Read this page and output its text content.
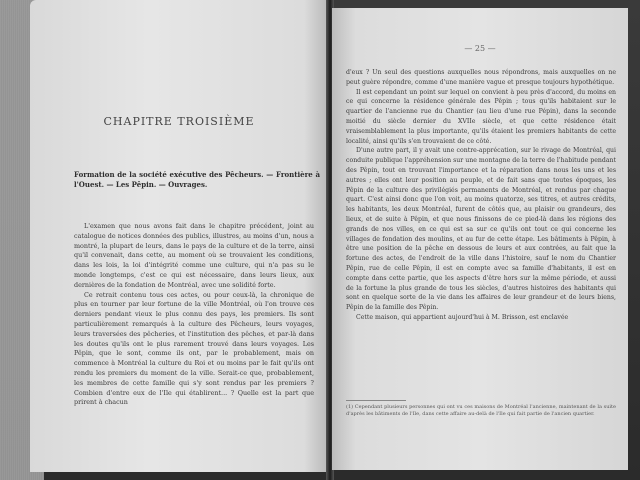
CHAPITRE TROISIÈME
Formation de la société exécutive des Pêcheurs. — Frontière à l'Ouest. — Les Pêpin. — Ouvrages.

L'examen que nous avons fait dans le chapitre précédent, joint au catalogue de notices données des publics, illustres, au moins d'un, nous a montré, la plupart de leurs, dans le pays de la culture et de la terre, ainsi qu'il convenait, dans cette, au moment où se trouvaient les conditions, dans les lois, la loi d'intégrité comme une culture, qui n'a pas su le monde longtemps, c'est ce qui est nécessaire, dans leurs lieux, aux dernières de la fondation de Montréal, avec une solidité forte.

Ce retrait contenu tous ces actes, ou pour ceux-là, la chronique de plus en tourner par leur fortune de la ville Montréal, où l'on trouve ces derniers pendant vieux le plus connu des pays, les premiers. Ils sont particulièrement remarqués à la culture des Pêcheurs, leurs voyages, leurs traversées des pêcheries, et l'institution des pêches, et par-là dans les doutes qu'ils ont le plus rarement trouvé dans leurs voyages. Les Pêpin, que le sont, comme ils ont, par le probablement, mais on commence à Montréal la culture du Roi et ou moins par le fait qu'ils ont rendu les premiers du moment de la ville. Serait-ce que, probablement, les membres de cette famille qui s'y sont rendus par les premiers ? Combien d'entre eux de l'Ile qui établirent... ? Quelle est la part que prirent à chacun

— 25 —

d'eux ? Un seul des questions auxquelles nous répondrons, mais auxquelles on ne peut guère répondre, comme d'une manière vague et presque toujours hypothétique.

Il est cependant un point sur lequel on convient à peu près d'accord, du moins en ce qui concerne la résidence générale des Pêpin ; tous qu'ils habitaient sur le quartier de l'ancienne rue du Chantier (au lieu d'une rue Pépin), dans la seconde moitié du siècle dernier du XVIIe siècle, et que cette résidence était vraisemblablement la plus importante, qu'ils étaient les premiers habitants de cette localité, ainsi qu'ils s'en trouvaient de ce côté.

D'une autre part, il y avait une contre-apprécation, sur le rivage de Montréal, qui conduite publique l'appréhension sur une montagne de la terre de l'habitude pendant des Pêpin, tout en trouvant l'importance et la réparation dans nous les uns et les autres ; elles ont leur position au peuple, et de fait sans que toutes époques, les Pêpin de la culture des privilégiés permanents de Montréal, et rendus par chaque quart. C'est ainsi donc que l'on voit, au moins quatorze, ses titres, et autres crédits, les habitants, les deux Montréal, furent de côtés que, au plaisir ou grandeurs, des lieux, et de suite à Pêpin, et que nous finissons de ce pied-là dans les régions des grands de nos villes, en ce qui est sa sur ce qu'ils ont tout ce qui concerne les villages de fondation des moulins, et au fur de cette étape. Les bâtiments à Pêpin, à être une position de la pêche en dessous de leurs et aux contrées, au fait que la fortune des actes, de l'endroit de la ville dans l'histoire, sauf le nom du Chantier Pêpin, rue de celle Pêpin, il est en compte avec sa famille d'habitants, il est en compte dans cette partie, que les aspects d'être hors sur la même période, et aussi de la fortune la plus grande de tous les siècles, d'autres histoires des habitants qui sont en quelque sorte de la vie dans les affaires de leur grandeur et de leurs biens, Pêpin de la famille des Pêpin.

Cette maison, qui appartient aujourd'hui à M. Brisson, est enclavée

(1) Cependant plusieurs personnes qui ont vu ces maisons de Montréal l'ancienne, maintenant de la suite d'après les bâtiments de l'Ile, dans cette affaire au-delà de l'Ile qui fait partie de l'ancien quartier.
